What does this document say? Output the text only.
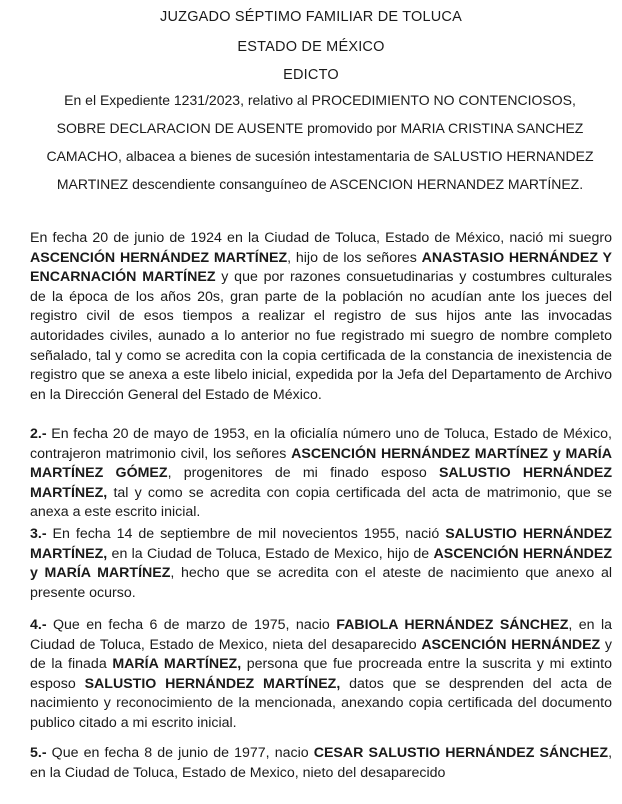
JUZGADO SÉPTIMO FAMILIAR DE TOLUCA
ESTADO DE MÉXICO
EDICTO

En el Expediente 1231/2023, relativo al PROCEDIMIENTO NO CONTENCIOSOS,

SOBRE DECLARACION DE AUSENTE promovido por MARIA CRISTINA SANCHEZ

CAMACHO, albacea a bienes de sucesión intestamentaria de SALUSTIO HERNANDEZ

MARTINEZ descendiente consanguíneo de ASCENCION HERNANDEZ MARTÍNEZ.

En fecha 20 de junio de 1924 en la Ciudad de Toluca, Estado de México, nació mi suegro ASCENCIÓN HERNÁNDEZ MARTÍNEZ, hijo de los señores ANASTASIO HERNÁNDEZ Y ENCARNACIÓN MARTÍNEZ y que por razones consuetudinarias y costumbres culturales de la época de los años 20s, gran parte de la población no acudían ante los jueces del registro civil de esos tiempos a realizar el registro de sus hijos ante las invocadas autoridades civiles, aunado a lo anterior no fue registrado mi suegro de nombre completo señalado, tal y como se acredita con la copia certificada de la constancia de inexistencia de registro que se anexa a este libelo inicial, expedida por la Jefa del Departamento de Archivo en la Dirección General del Estado de México.

2.- En fecha 20 de mayo de 1953, en la oficialía número uno de Toluca, Estado de México, contrajeron matrimonio civil, los señores ASCENCIÓN HERNÁNDEZ MARTÍNEZ y MARÍA MARTÍNEZ GÓMEZ, progenitores de mi finado esposo SALUSTIO HERNÁNDEZ MARTÍNEZ, tal y como se acredita con copia certificada del acta de matrimonio, que se anexa a este escrito inicial.

3.- En fecha 14 de septiembre de mil novecientos 1955, nació SALUSTIO HERNÁNDEZ MARTÍNEZ, en la Ciudad de Toluca, Estado de Mexico, hijo de ASCENCIÓN HERNÁNDEZ y MARÍA MARTÍNEZ, hecho que se acredita con el ateste de nacimiento que anexo al presente ocurso.

4.- Que en fecha 6 de marzo de 1975, nacio FABIOLA HERNÁNDEZ SÁNCHEZ, en la Ciudad de Toluca, Estado de Mexico, nieta del desaparecido ASCENCIÓN HERNÁNDEZ y de la finada MARÍA MARTÍNEZ, persona que fue procreada entre la suscrita y mi extinto esposo SALUSTIO HERNÁNDEZ MARTÍNEZ, datos que se desprenden del acta de nacimiento y reconocimiento de la mencionada, anexando copia certificada del documento publico citado a mi escrito inicial.

5.- Que en fecha 8 de junio de 1977, nacio CESAR SALUSTIO HERNÁNDEZ SÁNCHEZ, en la Ciudad de Toluca, Estado de Mexico, nieto del desaparecido
